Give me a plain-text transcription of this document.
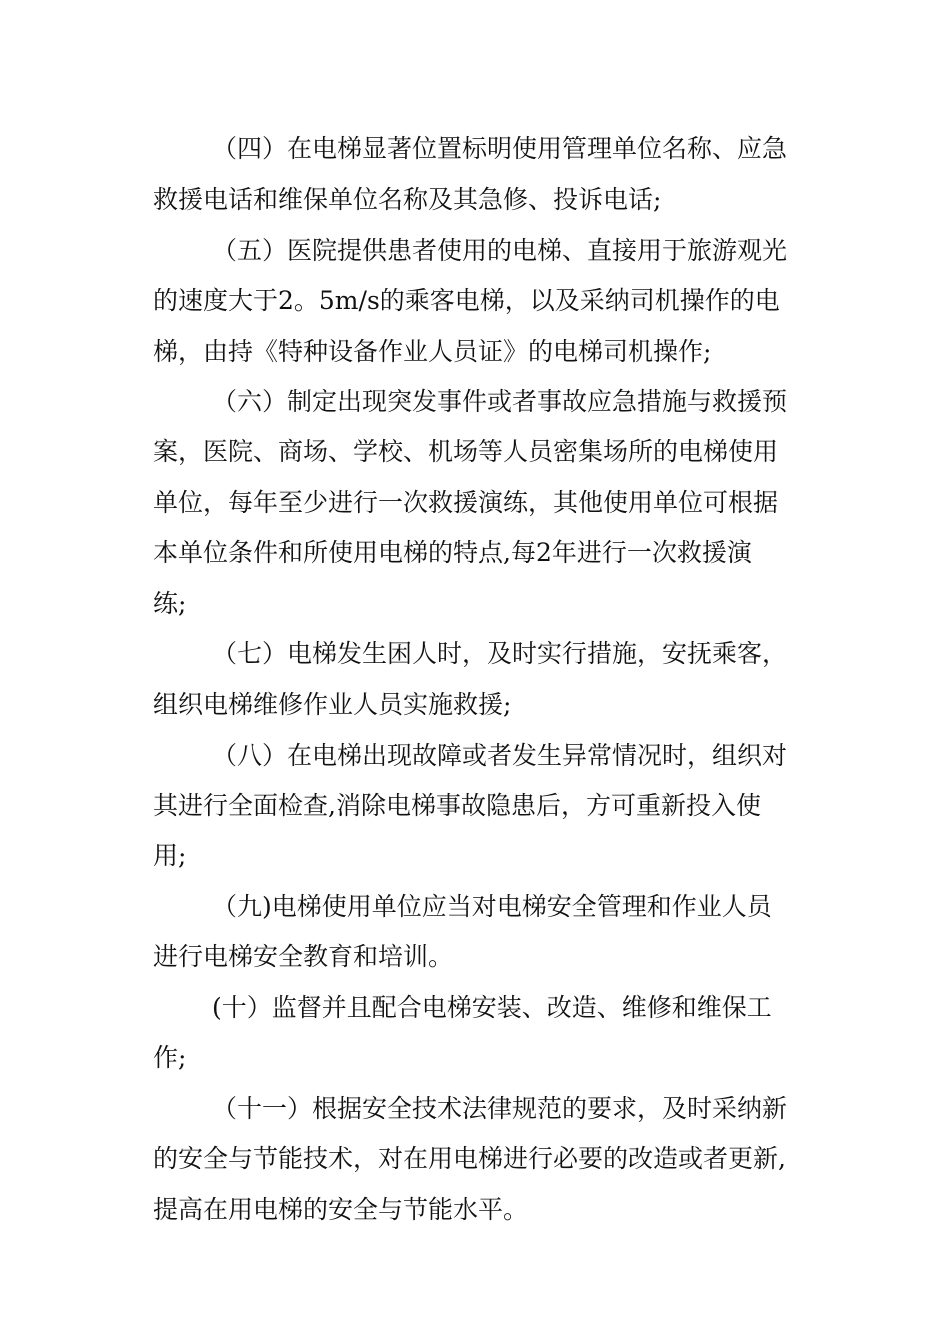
（四）在电梯显著位置标明使用管理单位名称、应急
救援电话和维保单位名称及其急修、投诉电话;
（五）医院提供患者使用的电梯、直接用于旅游观光
的速度大于2。5m/s的乘客电梯，以及采纳司机操作的电
梯，由持《特种设备作业人员证》的电梯司机操作;
（六）制定出现突发事件或者事故应急措施与救援预
案，医院、商场、学校、机场等人员密集场所的电梯使用
单位，每年至少进行一次救援演练，其他使用单位可根据
本单位条件和所使用电梯的特点,每2年进行一次救援演
练;
（七）电梯发生困人时，及时实行措施，安抚乘客，
组织电梯维修作业人员实施救援;
（八）在电梯出现故障或者发生异常情况时，组织对
其进行全面检查,消除电梯事故隐患后，方可重新投入使
用;
（九)电梯使用单位应当对电梯安全管理和作业人员
进行电梯安全教育和培训。
(十）监督并且配合电梯安装、改造、维修和维保工
作;
（十一）根据安全技术法律规范的要求，及时采纳新
的安全与节能技术，对在用电梯进行必要的改造或者更新,
提高在用电梯的安全与节能水平。
